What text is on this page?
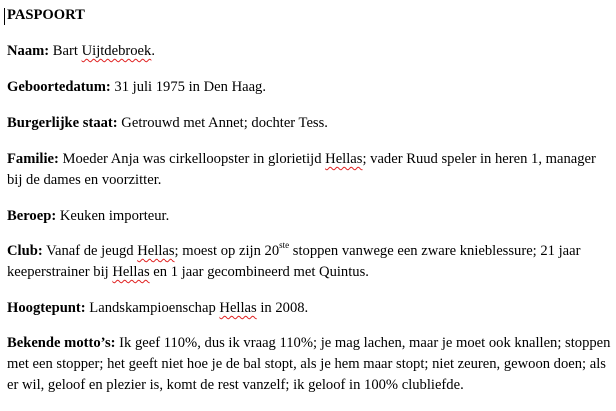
PASPOORT
Naam: Bart Uijtdebroek.
Geboortedatum: 31 juli 1975 in Den Haag.
Burgerlijke staat: Getrouwd met Annet; dochter Tess.
Familie: Moeder Anja was cirkelloopster in glorietijd Hellas; vader Ruud speler in heren 1, manager bij de dames en voorzitter.
Beroep: Keuken importeur.
Club: Vanaf de jeugd Hellas; moest op zijn 20ste stoppen vanwege een zware knieblessure; 21 jaar keeperstrainer bij Hellas en 1 jaar gecombineerd met Quintus.
Hoogtepunt: Landskampioenschap Hellas in 2008.
Bekende motto’s: Ik geef 110%, dus ik vraag 110%; je mag lachen, maar je moet ook knallen; stoppen met een stopper; het geeft niet hoe je de bal stopt, als je hem maar stopt; niet zeuren, gewoon doen; als er wil, geloof en plezier is, komt de rest vanzelf; ik geloof in 100% clubliefde.
